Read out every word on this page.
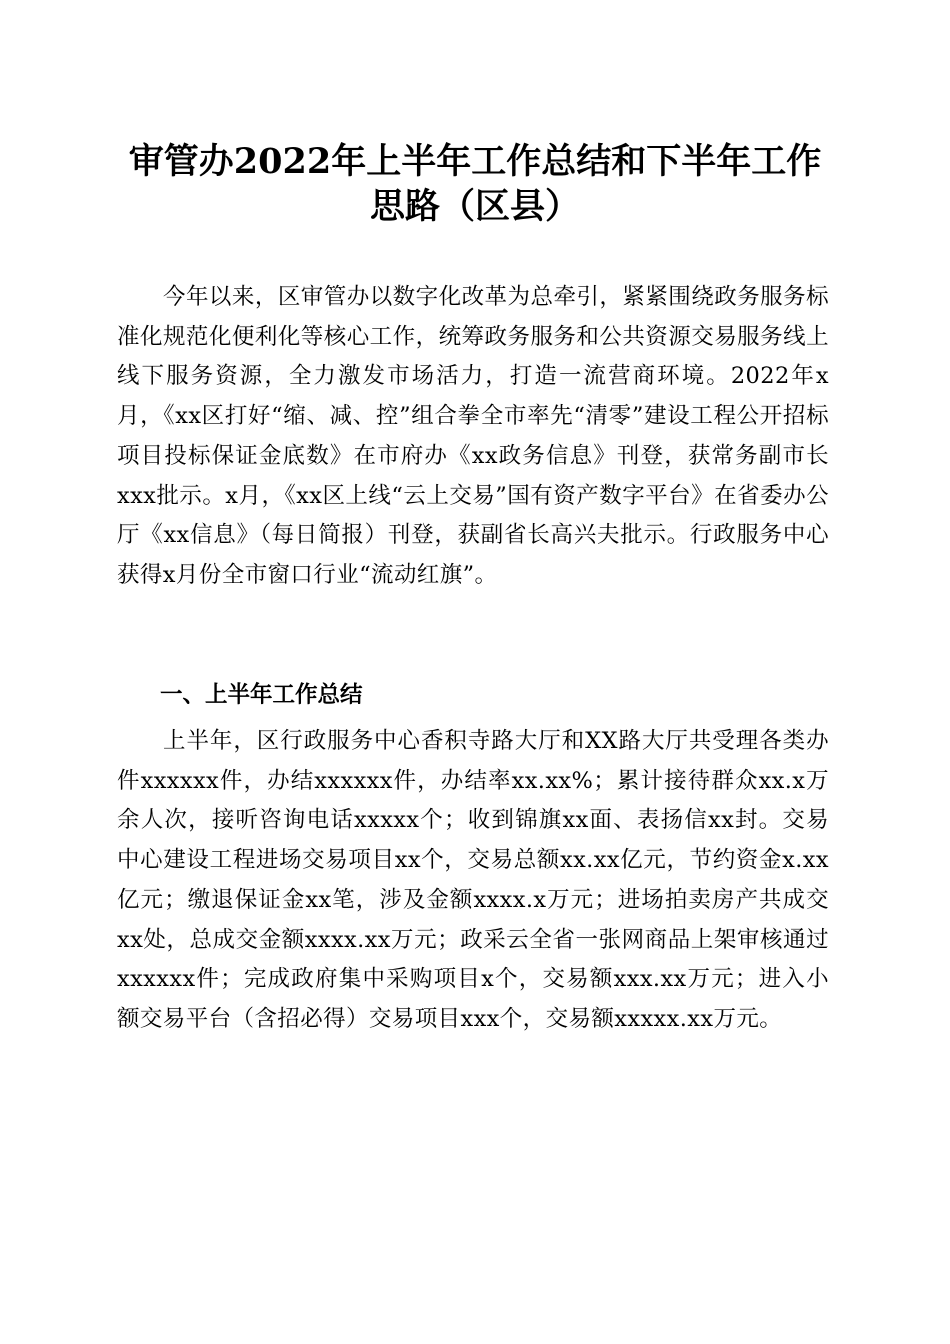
审管办2022年上半年工作总结和下半年工作
思路（区县）

今年以来，区审管办以数字化改革为总牵引，紧紧围绕政务服务标准化规范化便利化等核心工作，统筹政务服务和公共资源交易服务线上线下服务资源，全力激发市场活力，打造一流营商环境。2022年x月，《xx区打好“缩、减、控”组合拳全市率先“清零”建设工程公开招标项目投标保证金底数》在市府办《xx政务信息》刊登，获常务副市长xxx批示。x月，《xx区上线“云上交易”国有资产数字平台》在省委办公厅《xx信息》（每日简报）刊登，获副省长高兴夫批示。行政服务中心获得x月份全市窗口行业“流动红旗”。

一、上半年工作总结

上半年，区行政服务中心香积寺路大厅和XX路大厅共受理各类办件xxxxxx件，办结xxxxxx件，办结率xx.xx%；累计接待群众xx.x万余人次，接听咨询电话xxxxx个；收到锦旗xx面、表扬信xx封。交易中心建设工程进场交易项目xx个，交易总额xx.xx亿元，节约资金x.xx亿元；缴退保证金xx笔，涉及金额xxxx.x万元；进场拍卖房产共成交xx处，总成交金额xxxx.xx万元；政采云全省一张网商品上架审核通过xxxxxx件；完成政府集中采购项目x个，交易额xxx.xx万元；进入小额交易平台（含招必得）交易项目xxx个，交易额xxxxx.xx万元。
